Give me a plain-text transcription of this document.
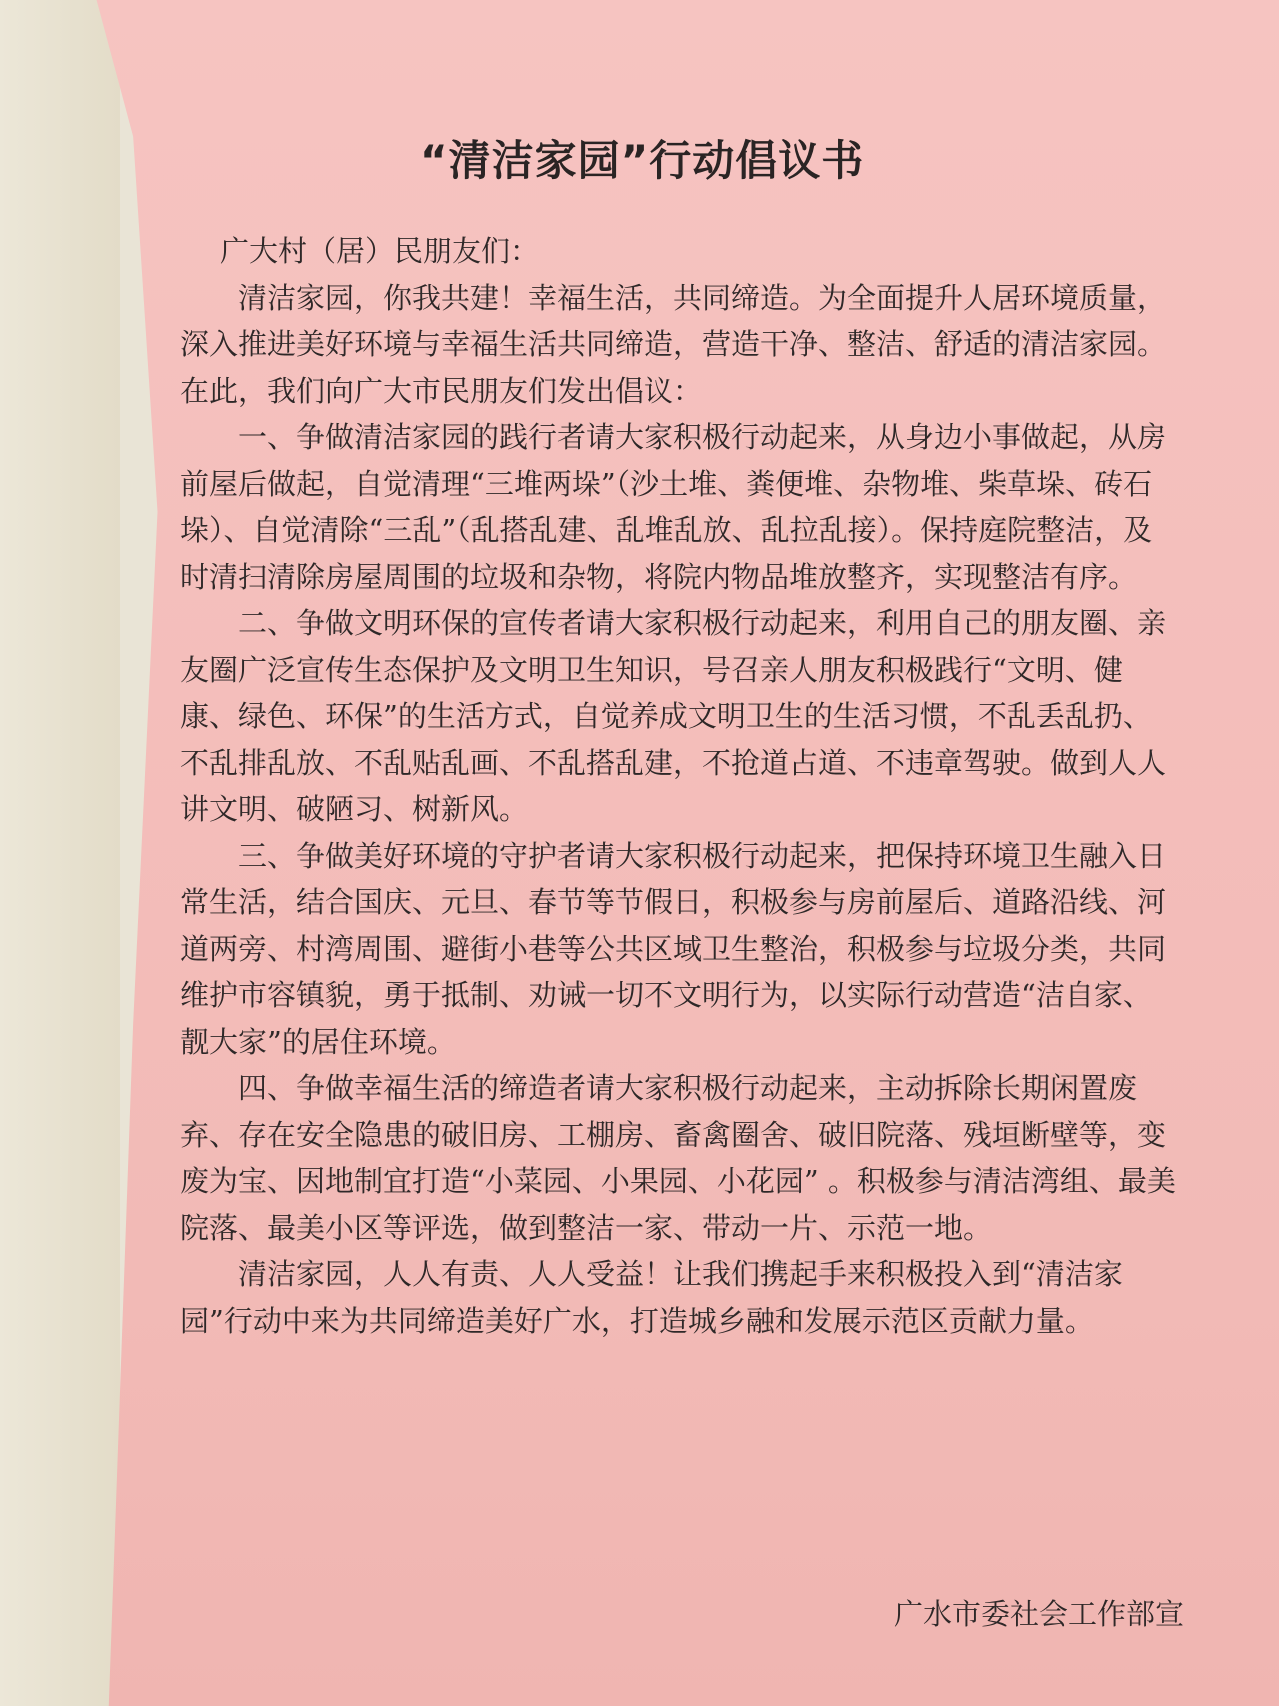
“清洁家园”行动倡议书

广大村（居）民朋友们：

清洁家园，你我共建！幸福生活，共同缔造。为全面提升人居环境质量，深入推进美好环境与幸福生活共同缔造，营造干净、整洁、舒适的清洁家园。在此，我们向广大市民朋友们发出倡议：

一、争做清洁家园的践行者请大家积极行动起来，从身边小事做起，从房前屋后做起，自觉清理“三堆两垛”（沙土堆、粪便堆、杂物堆、柴草垛、砖石垛）、自觉清除“三乱”（乱搭乱建、乱堆乱放、乱拉乱接）。保持庭院整洁，及时清扫清除房屋周围的垃圾和杂物，将院内物品堆放整齐，实现整洁有序。

二、争做文明环保的宣传者请大家积极行动起来，利用自己的朋友圈、亲友圈广泛宣传生态保护及文明卫生知识，号召亲人朋友积极践行“文明、健康、绿色、环保”的生活方式，自觉养成文明卫生的生活习惯，不乱丢乱扔、不乱排乱放、不乱贴乱画、不乱搭乱建，不抢道占道、不违章驾驶。做到人人讲文明、破陋习、树新风。

三、争做美好环境的守护者请大家积极行动起来，把保持环境卫生融入日常生活，结合国庆、元旦、春节等节假日，积极参与房前屋后、道路沿线、河道两旁、村湾周围、避街小巷等公共区域卫生整治，积极参与垃圾分类，共同维护市容镇貌，勇于抵制、劝诫一切不文明行为，以实际行动营造“洁自家、靓大家”的居住环境。

四、争做幸福生活的缔造者请大家积极行动起来，主动拆除长期闲置废弃、存在安全隐患的破旧房、工棚房、畜禽圈舍、破旧院落、残垣断壁等，变废为宝、因地制宜打造“小菜园、小果园、小花园” 。积极参与清洁湾组、最美院落、最美小区等评选，做到整洁一家、带动一片、示范一地。

清洁家园，人人有责、人人受益！让我们携起手来积极投入到“清洁家园”行动中来为共同缔造美好广水，打造城乡融和发展示范区贡献力量。

广水市委社会工作部宣
